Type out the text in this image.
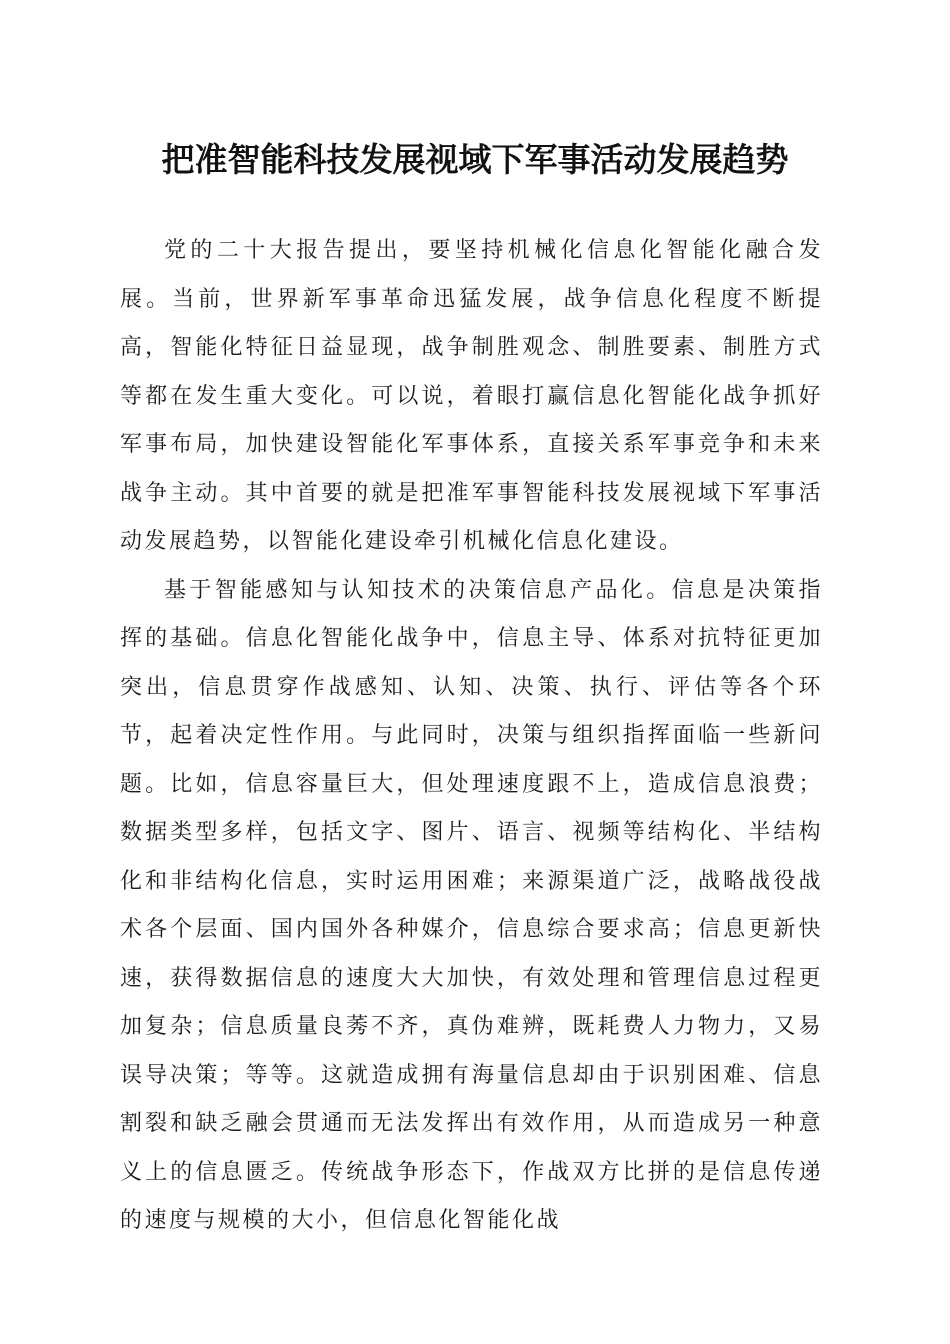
把准智能科技发展视域下军事活动发展趋势

党的二十大报告提出，要坚持机械化信息化智能化融合发展。当前，世界新军事革命迅猛发展，战争信息化程度不断提高，智能化特征日益显现，战争制胜观念、制胜要素、制胜方式等都在发生重大变化。可以说，着眼打赢信息化智能化战争抓好军事布局，加快建设智能化军事体系，直接关系军事竞争和未来战争主动。其中首要的就是把准军事智能科技发展视域下军事活动发展趋势，以智能化建设牵引机械化信息化建设。

基于智能感知与认知技术的决策信息产品化。信息是决策指挥的基础。信息化智能化战争中，信息主导、体系对抗特征更加突出，信息贯穿作战感知、认知、决策、执行、评估等各个环节，起着决定性作用。与此同时，决策与组织指挥面临一些新问题。比如，信息容量巨大，但处理速度跟不上，造成信息浪费；数据类型多样，包括文字、图片、语言、视频等结构化、半结构化和非结构化信息，实时运用困难；来源渠道广泛，战略战役战术各个层面、国内国外各种媒介，信息综合要求高；信息更新快速，获得数据信息的速度大大加快，有效处理和管理信息过程更加复杂；信息质量良莠不齐，真伪难辨，既耗费人力物力，又易误导决策；等等。这就造成拥有海量信息却由于识别困难、信息割裂和缺乏融会贯通而无法发挥出有效作用，从而造成另一种意义上的信息匮乏。传统战争形态下，作战双方比拼的是信息传递的速度与规模的大小，但信息化智能化战
